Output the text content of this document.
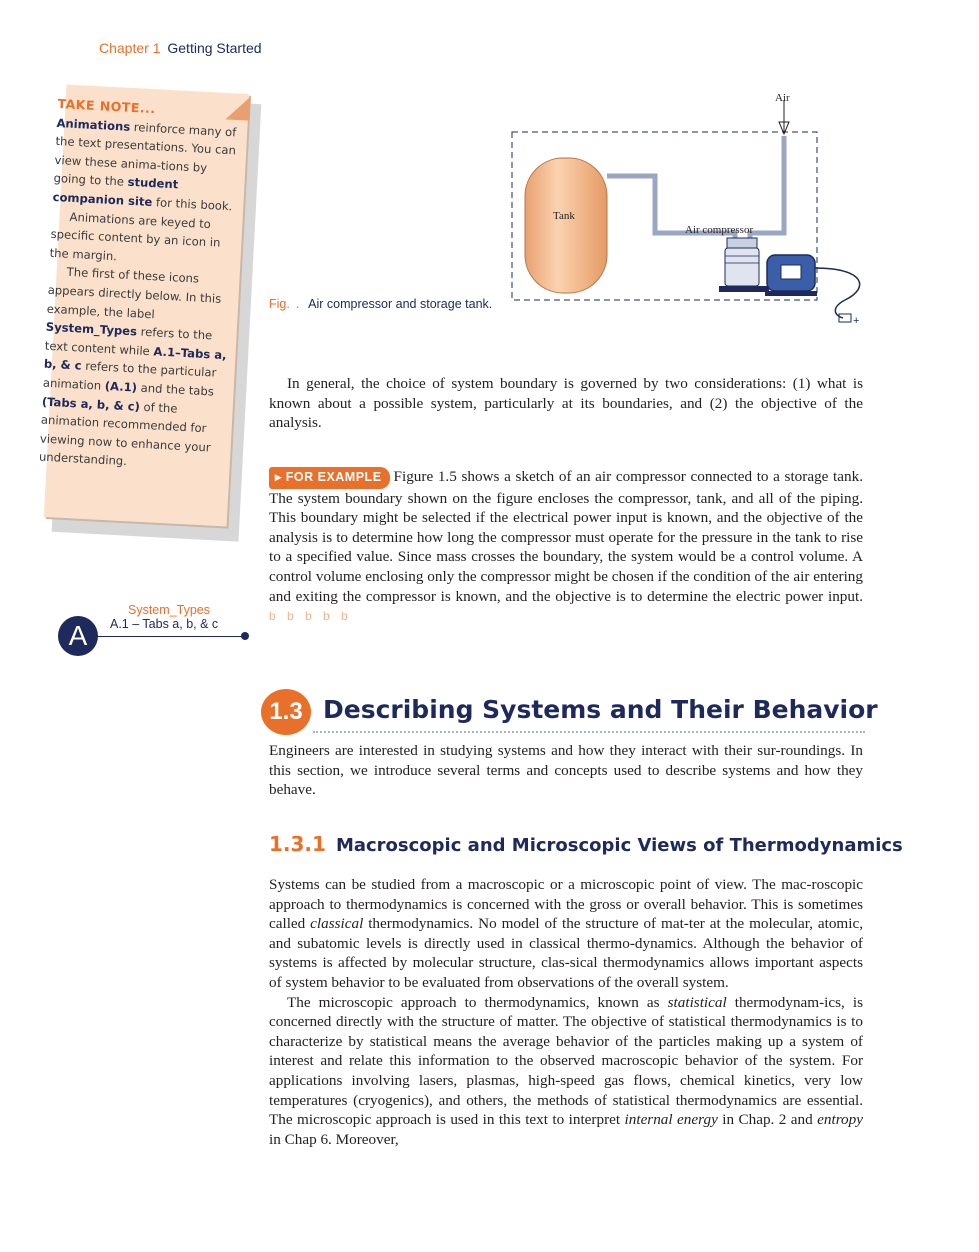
Chapter 1 Getting Started
TAKE NOTE...

Animations reinforce many of the text presentations. You can view these anima-tions by going to the student companion site for this book.

Animations are keyed to specific content by an icon in the margin.

The first of these icons appears directly below. In this example, the label System_Types refers to the text content while A.1–Tabs a, b, & c refers to the particular animation (A.1) and the tabs (Tabs a, b, & c) of the animation recommended for viewing now to enhance your understanding.

System_Types
A.1 – Tabs a, b, & c
A
Tank
Air
Air compressor
+
Fig. . Air compressor and storage tank.

In general, the choice of system boundary is governed by two considerations: (1) what is known about a possible system, particularly at its boundaries, and (2) the objective of the analysis.

▸ FOR EXAMPLE Figure 1.5 shows a sketch of an air compressor connected to a storage tank. The system boundary shown on the figure encloses the compressor, tank, and all of the piping. This boundary might be selected if the electrical power input is known, and the objective of the analysis is to determine how long the compressor must operate for the pressure in the tank to rise to a specified value. Since mass crosses the boundary, the system would be a control volume. A control volume enclosing only the compressor might be chosen if the condition of the air entering and exiting the compressor is known, and the objective is to determine the electric power input. b b b b b

1.3 Describing Systems and Their Behavior

Engineers are interested in studying systems and how they interact with their sur-roundings. In this section, we introduce several terms and concepts used to describe systems and how they behave.

1.3.1 Macroscopic and Microscopic Views of Thermodynamics

Systems can be studied from a macroscopic or a microscopic point of view. The mac-roscopic approach to thermodynamics is concerned with the gross or overall behavior. This is sometimes called classical thermodynamics. No model of the structure of mat-ter at the molecular, atomic, and subatomic levels is directly used in classical thermo-dynamics. Although the behavior of systems is affected by molecular structure, clas-sical thermodynamics allows important aspects of system behavior to be evaluated from observations of the overall system.

The microscopic approach to thermodynamics, known as statistical thermodynam-ics, is concerned directly with the structure of matter. The objective of statistical thermodynamics is to characterize by statistical means the average behavior of the particles making up a system of interest and relate this information to the observed macroscopic behavior of the system. For applications involving lasers, plasmas, high-speed gas flows, chemical kinetics, very low temperatures (cryogenics), and others, the methods of statistical thermodynamics are essential. The microscopic approach is used in this text to interpret internal energy in Chap. 2 and entropy in Chap 6. Moreover,
